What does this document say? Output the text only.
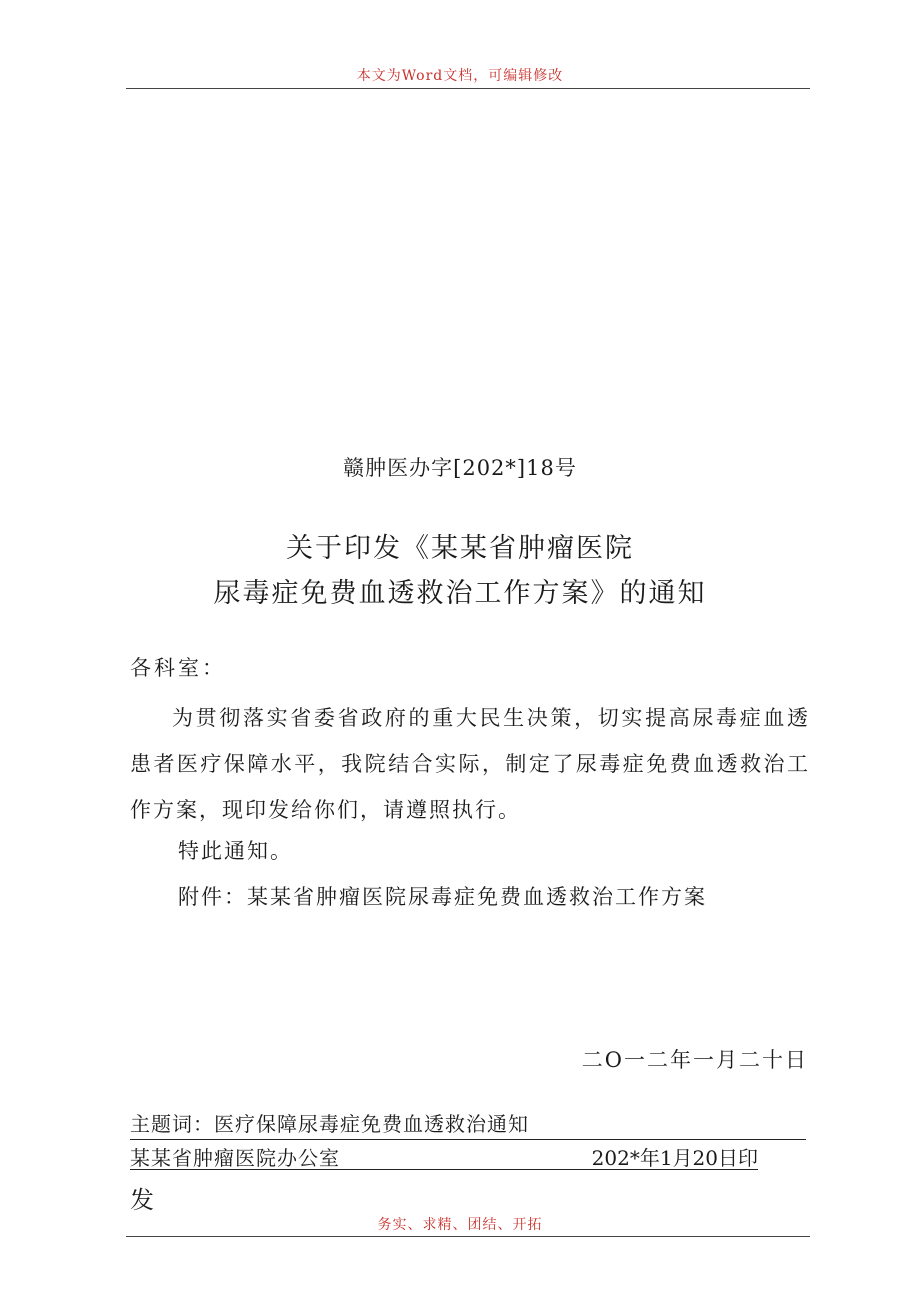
本文为Word文档，可编辑修改
赣肿医办字[202*]18号
关于印发《某某省肿瘤医院
尿毒症免费血透救治工作方案》的通知
各科室：

为贯彻落实省委省政府的重大民生决策，切实提高尿毒症血透患者医疗保障水平，我院结合实际，制定了尿毒症免费血透救治工作方案，现印发给你们，请遵照执行。

特此通知。
附件：某某省肿瘤医院尿毒症免费血透救治工作方案
二O一二年一月二十日
主题词：医疗保障尿毒症免费血透救治通知
某某省肿瘤医院办公室	202*年1月20日印
发
务实、求精、团结、开拓
